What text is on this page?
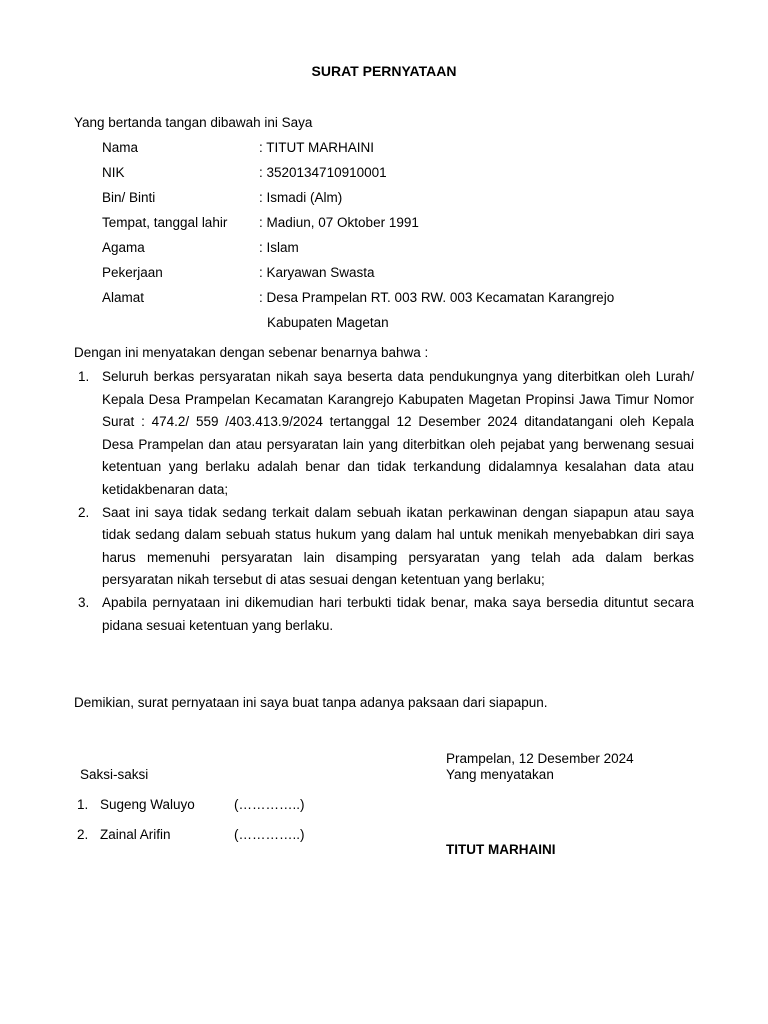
SURAT PERNYATAAN
Yang bertanda tangan dibawah ini Saya
Nama	: TITUT MARHAINI
NIK	: 3520134710910001
Bin/ Binti	: Ismadi (Alm)
Tempat, tanggal lahir : Madiun, 07 Oktober 1991
Agama	: Islam
Pekerjaan	: Karyawan Swasta
Alamat	: Desa Prampelan RT. 003 RW. 003 Kecamatan Karangrejo
Kabupaten Magetan
Dengan ini menyatakan dengan sebenar benarnya bahwa :
1. Seluruh berkas persyaratan nikah saya beserta data pendukungnya yang diterbitkan oleh Lurah/ Kepala Desa Prampelan Kecamatan Karangrejo Kabupaten Magetan Propinsi Jawa Timur Nomor Surat : 474.2/ 559 /403.413.9/2024 tertanggal 12 Desember 2024 ditandatangani oleh Kepala Desa Prampelan dan atau persyaratan lain yang diterbitkan oleh pejabat yang berwenang sesuai ketentuan yang berlaku adalah benar dan tidak terkandung didalamnya kesalahan data atau ketidakbenaran data;
2. Saat ini saya tidak sedang terkait dalam sebuah ikatan perkawinan dengan siapapun atau saya tidak sedang dalam sebuah status hukum yang dalam hal untuk menikah menyebabkan diri saya harus memenuhi persyaratan lain disamping persyaratan yang telah ada dalam berkas persyaratan nikah tersebut di atas sesuai dengan ketentuan yang berlaku;
3. Apabila pernyataan ini dikemudian hari terbukti tidak benar, maka saya bersedia dituntut secara pidana sesuai ketentuan yang berlaku.
Demikian, surat pernyataan ini saya buat tanpa adanya paksaan dari siapapun.
Prampelan, 12 Desember 2024
Yang menyatakan
TITUT MARHAINI
Saksi-saksi
1. Sugeng Waluyo	(…………..)
2. Zainal Arifin	(…………..)
